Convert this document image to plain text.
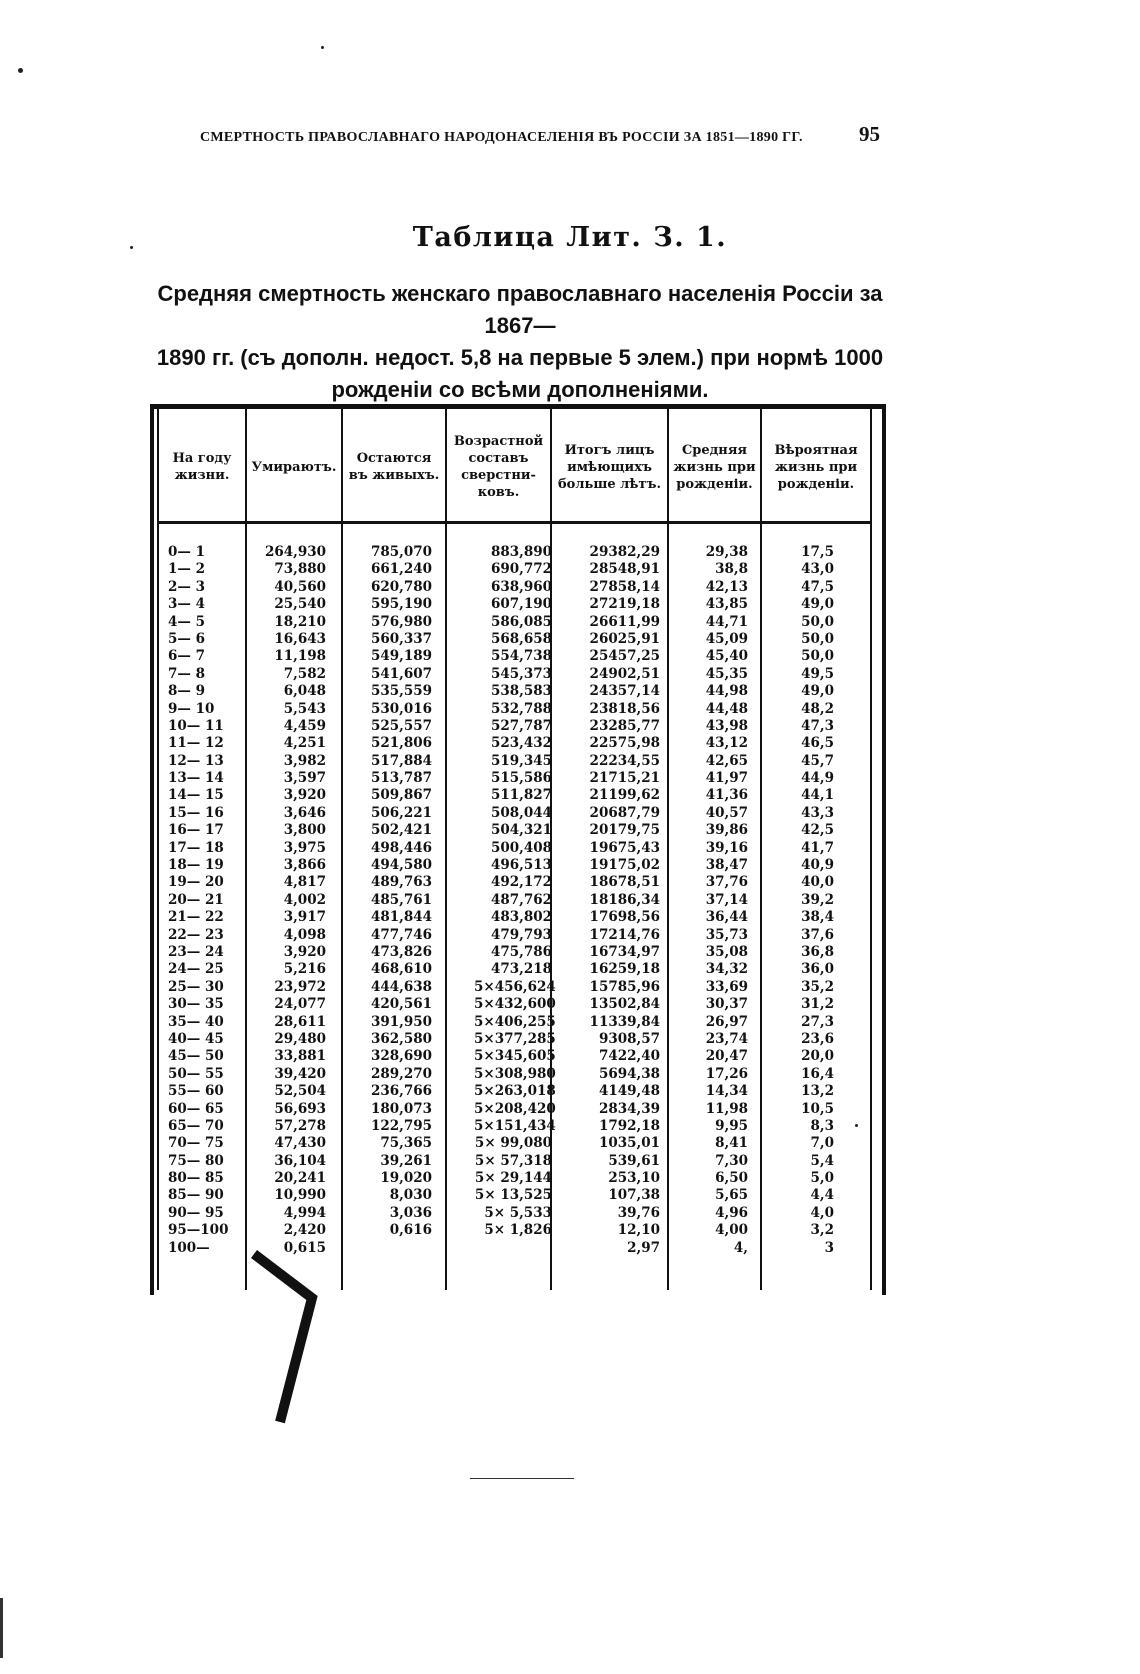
СМЕРТНОСТЬ ПРАВОСЛАВНАГО НАРОДОНАСЕЛЕНІЯ ВЪ РОССІИ ЗА 1851—1890 ГГ.	95
Таблица Лит. З. 1.
Средняя смертность женскаго православнаго населенія Россіи за 1867—
1890 гг. (съ дополн. недост. 5,8 на первые 5 элем.) при нормѣ 1000
рожденіи со всѣми дополненіями.
На году
жизни.
Умираютъ.
Остаются
въ живыхъ.
Возрастной
составъ
сверстни-
ковъ.
Итогъ лицъ
имѣющихъ
больше лѣтъ.
Средняя
жизнь при
рожденіи.
Вѣроятная
жизнь при
рожденіи.
0— 1
1— 2
2— 3
3— 4
4— 5
5— 6
6— 7
7— 8
8— 9
9— 10
10— 11
11— 12
12— 13
13— 14
14— 15
15— 16
16— 17
17— 18
18— 19
19— 20
20— 21
21— 22
22— 23
23— 24
24— 25
25— 30
30— 35
35— 40
40— 45
45— 50
50— 55
55— 60
60— 65
65— 70
70— 75
75— 80
80— 85
85— 90
90— 95
95—100
100—
264,930
73,880
40,560
25,540
18,210
16,643
11,198
7,582
6,048
5,543
4,459
4,251
3,982
3,597
3,920
3,646
3,800
3,975
3,866
4,817
4,002
3,917
4,098
3,920
5,216
23,972
24,077
28,611
29,480
33,881
39,420
52,504
56,693
57,278
47,430
36,104
20,241
10,990
4,994
2,420
0,615
785,070
661,240
620,780
595,190
576,980
560,337
549,189
541,607
535,559
530,016
525,557
521,806
517,884
513,787
509,867
506,221
502,421
498,446
494,580
489,763
485,761
481,844
477,746
473,826
468,610
444,638
420,561
391,950
362,580
328,690
289,270
236,766
180,073
122,795
75,365
39,261
19,020
8,030
3,036
0,616
883,890
690,772
638,960
607,190
586,085
568,658
554,738
545,373
538,583
532,788
527,787
523,432
519,345
515,586
511,827
508,044
504,321
500,408
496,513
492,172
487,762
483,802
479,793
475,786
473,218
5×456,624
5×432,600
5×406,255
5×377,285
5×345,605
5×308,980
5×263,018
5×208,420
5×151,434
5× 99,080
5× 57,318
5× 29,144
5× 13,525
5× 5,533
5× 1,826
29382,29
28548,91
27858,14
27219,18
26611,99
26025,91
25457,25
24902,51
24357,14
23818,56
23285,77
22575,98
22234,55
21715,21
21199,62
20687,79
20179,75
19675,43
19175,02
18678,51
18186,34
17698,56
17214,76
16734,97
16259,18
15785,96
13502,84
11339,84
9308,57
7422,40
5694,38
4149,48
2834,39
1792,18
1035,01
539,61
253,10
107,38
39,76
12,10
2,97
29,38
38,8
42,13
43,85
44,71
45,09
45,40
45,35
44,98
44,48
43,98
43,12
42,65
41,97
41,36
40,57
39,86
39,16
38,47
37,76
37,14
36,44
35,73
35,08
34,32
33,69
30,37
26,97
23,74
20,47
17,26
14,34
11,98
9,95
8,41
7,30
6,50
5,65
4,96
4,00
4,
17,5
43,0
47,5
49,0
50,0
50,0
50,0
49,5
49,0
48,2
47,3
46,5
45,7
44,9
44,1
43,3
42,5
41,7
40,9
40,0
39,2
38,4
37,6
36,8
36,0
35,2
31,2
27,3
23,6
20,0
16,4
13,2
10,5
8,3
7,0
5,4
5,0
4,4
4,0
3,2
3
